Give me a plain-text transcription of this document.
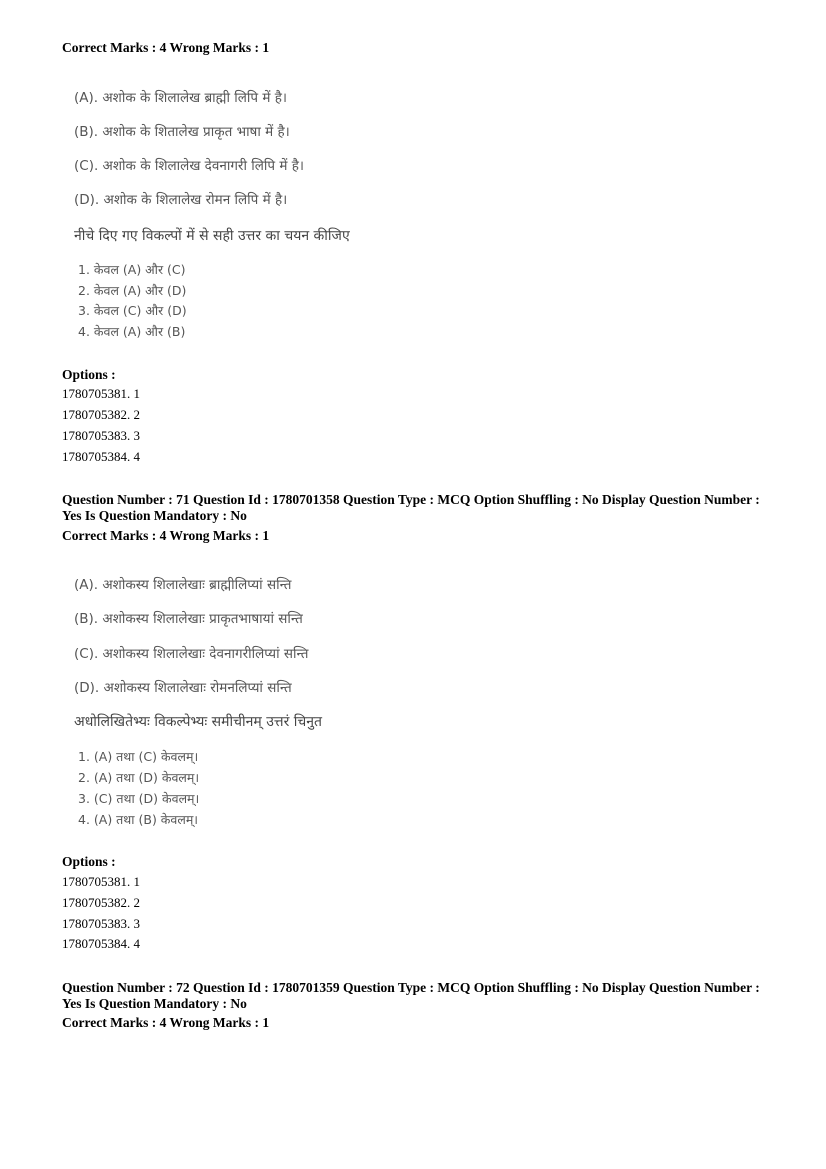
Correct Marks : 4 Wrong Marks : 1
(A). अशोक के शिलालेख ब्राह्मी लिपि में है।
(B). अशोक के शितालेख प्राकृत भाषा में है।
(C). अशोक के शिलालेख देवनागरी लिपि में है।
(D). अशोक के शिलालेख रोमन लिपि में है।
नीचे दिए गए विकल्पों में से सही उत्तर का चयन कीजिए
1. केवल (A) और (C)
2. केवल (A) और (D)
3. केवल (C) और (D)
4. केवल (A) और (B)
Options :
1780705381. 1
1780705382. 2
1780705383. 3
1780705384. 4
Question Number : 71 Question Id : 1780701358 Question Type : MCQ Option Shuffling : No Display Question Number : Yes Is Question Mandatory : No
Correct Marks : 4 Wrong Marks : 1
(A). अशोकस्य शिलालेखाः ब्राह्मीलिप्यां सन्ति
(B). अशोकस्य शिलालेखाः प्राकृतभाषायां सन्ति
(C). अशोकस्य शिलालेखाः देवनागरीलिप्यां सन्ति
(D). अशोकस्य शिलालेखाः रोमनलिप्यां सन्ति
अधोलिखितेभ्यः विकल्पेभ्यः समीचीनम् उत्तरं चिनुत
1. (A) तथा (C) केवलम्।
2. (A) तथा (D) केवलम्।
3. (C) तथा (D) केवलम्।
4. (A) तथा (B) केवलम्।
Options :
1780705381. 1
1780705382. 2
1780705383. 3
1780705384. 4
Question Number : 72 Question Id : 1780701359 Question Type : MCQ Option Shuffling : No Display Question Number : Yes Is Question Mandatory : No
Correct Marks : 4 Wrong Marks : 1
